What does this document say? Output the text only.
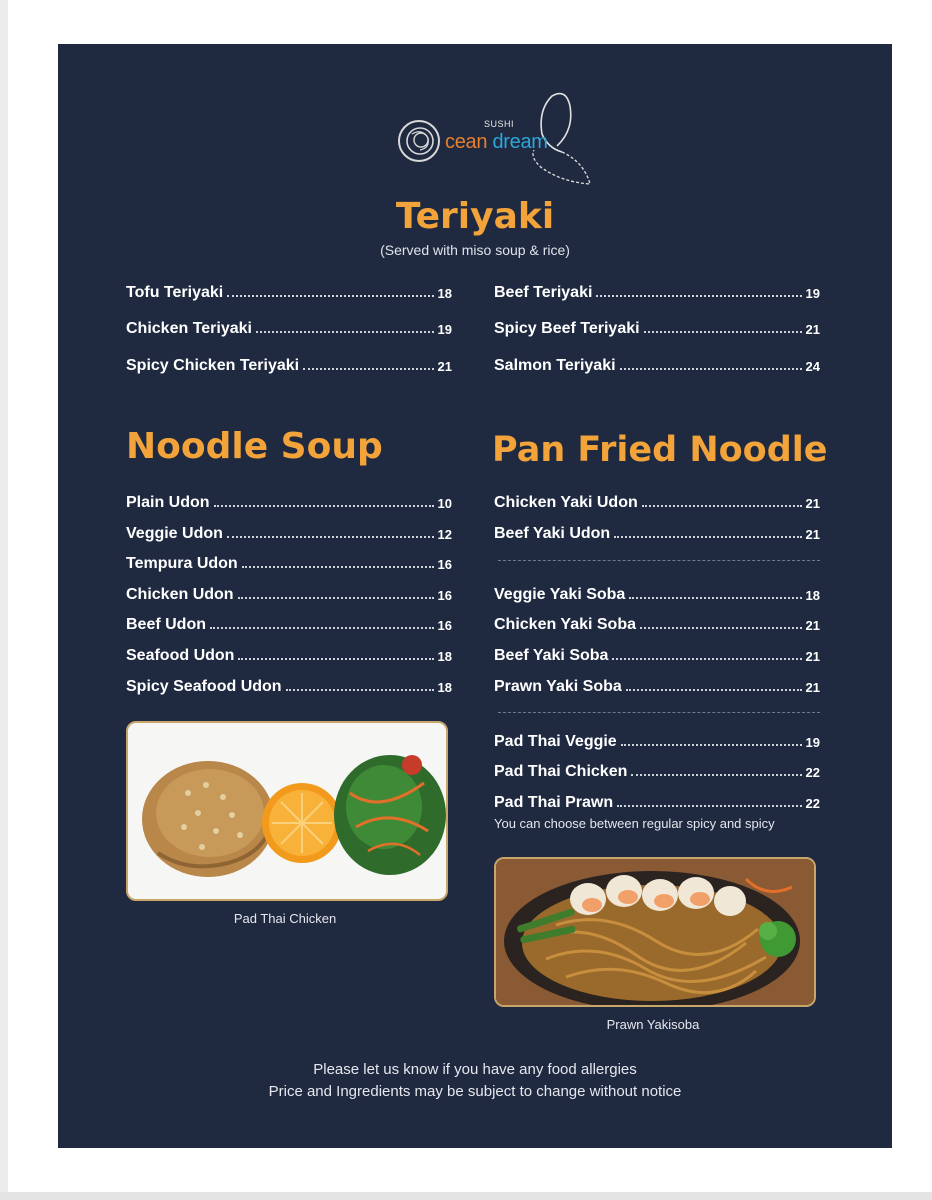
SUSHI
cean dream
Teriyaki
(Served with miso soup & rice)
Tofu Teriyaki	18
Chicken Teriyaki	19
Spicy Chicken Teriyaki	21
Beef Teriyaki	19
Spicy Beef Teriyaki	21
Salmon Teriyaki	24
Noodle Soup
Plain Udon	10
Veggie Udon	12
Tempura Udon	16
Chicken Udon	16
Beef Udon	16
Seafood Udon	18
Spicy Seafood Udon	18
Pan Fried Noodle
Chicken Yaki Udon	21
Beef Yaki Udon	21
Veggie Yaki Soba	18
Chicken Yaki Soba	21
Beef Yaki Soba	21
Prawn Yaki Soba	21
Pad Thai Veggie	19
Pad Thai Chicken	22
Pad Thai Prawn	22
You can choose between regular spicy and spicy
Pad Thai Chicken
Prawn Yakisoba
Please let us know if you have any food allergies
Price and Ingredients may be subject to change without notice
